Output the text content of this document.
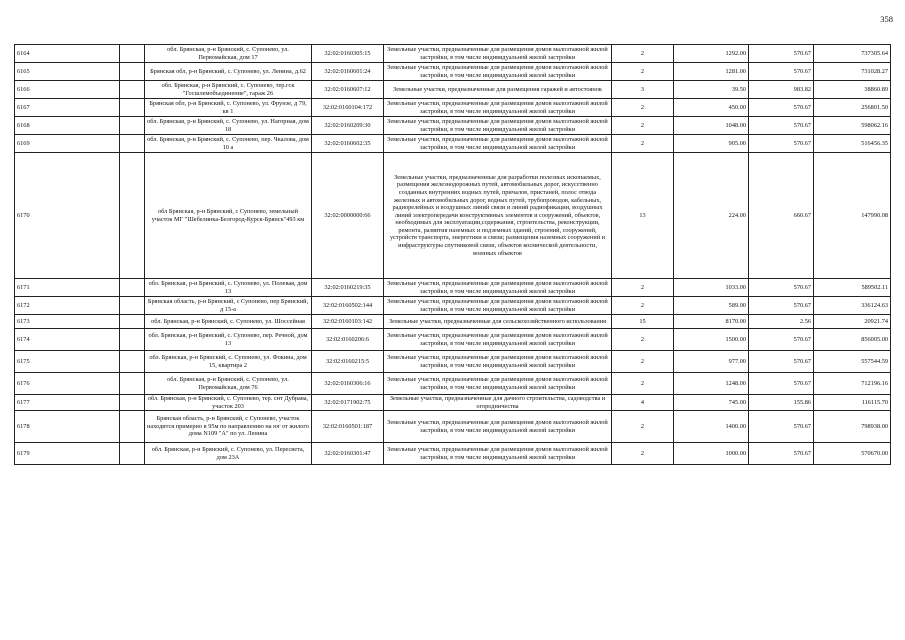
358
6164		обл. Брянская, р-н Брянский, с. Супонево, ул. Первомайская, дом 17	32:02:0160305:15	Земельные участки, предназначенные для размещения домов малоэтажной жилой застройки, в том числе индивидуальной жилой застройки	2	1292.00	570.67	737305.64
6165		Брянская обл, р-н Брянский, с. Супонево, ул. Ленина, д.62	32:02:0160601:24	Земельные участки, предназначенные для размещения домов малоэтажной жилой застройки, в том числе индивидуальной жилой застройки	2	1281.00	570.67	731028.27
6166		обл. Брянская, р-н Брянский, с. Супонево, тер.гск "Госшлемобъединение", гараж 26	32:02:0160607:12	Земельные участки, предназначенные для размещения гаражей и автостоянок	3	39.50	983.82	38860.89
6167		Брянская обл, р-н Брянский, с. Супонево, ул. Фрунзе, д 79, кв 1	32:02:0160104:172	Земельные участки, предназначенные для размещения домов малоэтажной жилой застройки, в том числе индивидуальной жилой застройки	2	450.00	570.67	256801.50
6168		обл. Брянская, р-н Брянский, с. Супонево, ул. Нагорная, дом 18	32:02:0160209:30	Земельные участки, предназначенные для размещения домов малоэтажной жилой застройки, в том числе индивидуальной жилой застройки	2	1048.00	570.67	598062.16
6169		обл. Брянская, р-н Брянский, с. Супонево, пер. Чкалова, дом 10 а	32:02:0160602:35	Земельные участки, предназначенные для размещения домов малоэтажной жилой застройки, в том числе индивидуальной жилой застройки	2	905.00	570.67	516456.35
6170		обл Брянская, р-н Брянский, с Супонево, земельный участок МГ "Шебелинка-Белгород-Курск-Брянск"493 км	32:02:0000000:66	Земельные участки, предназначенные для разработки полезных ископаемых, размещения железнодорожных путей, автомобильных дорог, искусственно созданных внутренних водных путей, причалов, пристаней, полос отвода железных и автомобильных дорог, водных путей, трубопроводов, кабельных, радиорелейных и воздушных линий связи и линий радиофикации, воздушных линий электропередачи конструктивных элементов и сооружений, объектов, необходимых для эксплуатации,содержания, строительства, реконструкции, ремонта, развития наземных и подземных зданий, строений, сооружений, устройств транспорта, энергетики и связи; размещения наземных сооружений и инфраструктуры спутниковой связи, объектов космической деятельности, военных объектов	13	224.00	660.67	147990.08
6171		обл. Брянская, р-н Брянский, с. Супонево, ул. Полевая, дом 13	32:02:0160219:35	Земельные участки, предназначенные для размещения домов малоэтажной жилой застройки, в том числе индивидуальной жилой застройки	2	1033.00	570.67	589502.11
6172		Брянская область, р-н Брянский, с Супонево, пер Брянский, д 15-а	32:02:0160502:144	Земельные участки, предназначенные для размещения домов малоэтажной жилой застройки, в том числе индивидуальной жилой застройки	2	589.00	570.67	336124.63
6173		обл. Брянская, р-н Брянский, с. Супонево, ул. Шоссейная	32:02:0160103:142	Земельные участки, предназначенные для сельскохозяйственного использования	15	8170.00	2.56	20921.74
6174		обл. Брянская, р-н Брянский, с. Супонево, пер. Речной, дом 13	32:02:0160206:6	Земельные участки, предназначенные для размещения домов малоэтажной жилой застройки, в том числе индивидуальной жилой застройки	2	1500.00	570.67	856005.00
6175		обл. Брянская, р-н Брянский, с. Супонево, ул. Фокина, дом 15, квартира 2	32:02:0160215:5	Земельные участки, предназначенные для размещения домов малоэтажной жилой застройки, в том числе индивидуальной жилой застройки	2	977.00	570.67	557544.59
6176		обл. Брянская, р-н Брянский, с. Супонево, ул. Первомайская, дом 76	32:02:0160306:16	Земельные участки, предназначенные для размещения домов малоэтажной жилой застройки, в том числе индивидуальной жилой застройки	2	1248.00	570.67	712196.16
6177		обл. Брянская, р-н Брянский, с. Супонево, тер. снт Дубрава, участок 203	32:02:0171902:75	Земельные участки, предназначенные для дачного строительства, садоводства и огородничества	4	745.00	155.86	116115.70
6178		Брянская область, р-н Брянский, с Супонево, участок находится примерно в 95м по направлению на юг от жилого дома N109 "А" по ул. Ленина	32:02:0160501:187	Земельные участки, предназначенные для размещения домов малоэтажной жилой застройки, в том числе индивидуальной жилой застройки	2	1400.00	570.67	798938.00
6179		обл. Брянская, р-н Брянский, с. Супонево, ул. Пересвета, дом 23А	32:02:0160301:47	Земельные участки, предназначенные для размещения домов малоэтажной жилой застройки, в том числе индивидуальной жилой застройки	2	1000.00	570.67	570670.00
